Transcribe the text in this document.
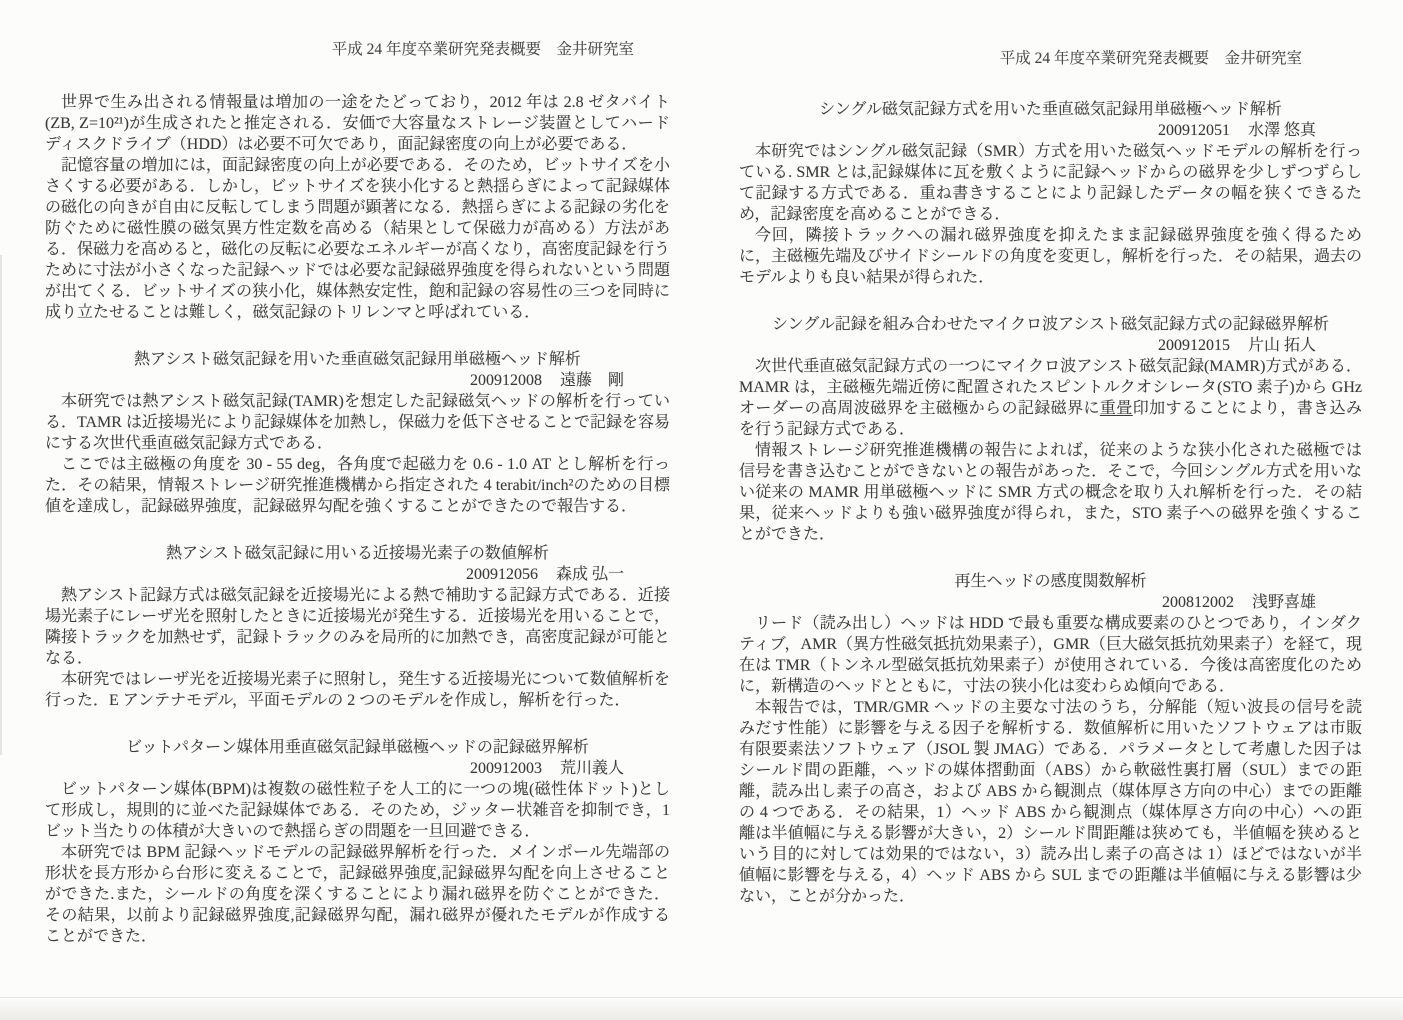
平成 24 年度卒業研究発表概要　金井研究室

世界で生み出される情報量は増加の一途をたどっており，2012 年は 2.8 ゼタバイト(ZB, Z=10²¹)が生成されたと推定される．安価で大容量なストレージ装置としてハードディスクドライブ（HDD）は必要不可欠であり，面記録密度の向上が必要である．

記憶容量の増加には，面記録密度の向上が必要である．そのため，ビットサイズを小さくする必要がある．しかし，ビットサイズを狭小化すると熱揺らぎによって記録媒体の磁化の向きが自由に反転してしまう問題が顕著になる．熱揺らぎによる記録の劣化を防ぐために磁性膜の磁気異方性定数を高める（結果として保磁力が高める）方法がある．保磁力を高めると，磁化の反転に必要なエネルギーが高くなり，高密度記録を行うために寸法が小さくなった記録ヘッドでは必要な記録磁界強度を得られないという問題が出てくる．ビットサイズの狭小化，媒体熱安定性，飽和記録の容易性の三つを同時に成り立たせることは難しく，磁気記録のトリレンマと呼ばれている．

熱アシスト磁気記録を用いた垂直磁気記録用単磁極ヘッド解析
200912008 遠藤　剛

本研究では熱アシスト磁気記録(TAMR)を想定した記録磁気ヘッドの解析を行っている．TAMR は近接場光により記録媒体を加熱し，保磁力を低下させることで記録を容易にする次世代垂直磁気記録方式である．

ここでは主磁極の角度を 30 - 55 deg，各角度で起磁力を 0.6 - 1.0 AT とし解析を行った．その結果，情報ストレージ研究推進機構から指定された 4 terabit/inch²のための目標値を達成し，記録磁界強度，記録磁界勾配を強くすることができたので報告する．

熱アシスト磁気記録に用いる近接場光素子の数値解析
200912056 森成 弘一

熱アシスト記録方式は磁気記録を近接場光による熱で補助する記録方式である．近接場光素子にレーザ光を照射したときに近接場光が発生する．近接場光を用いることで，隣接トラックを加熱せず，記録トラックのみを局所的に加熱でき，高密度記録が可能となる．

本研究ではレーザ光を近接場光素子に照射し，発生する近接場光について数値解析を行った．E アンテナモデル，平面モデルの 2 つのモデルを作成し，解析を行った．

ビットパターン媒体用垂直磁気記録単磁極ヘッドの記録磁界解析
200912003 荒川義人

ビットパターン媒体(BPM)は複数の磁性粒子を人工的に一つの塊(磁性体ドット)として形成し，規則的に並べた記録媒体である．そのため，ジッター状雑音を抑制でき，1 ビット当たりの体積が大きいので熱揺らぎの問題を一旦回避できる．

本研究では BPM 記録ヘッドモデルの記録磁界解析を行った．メインポール先端部の形状を長方形から台形に変えることで，記録磁界強度,記録磁界勾配を向上させることができた.また，シールドの角度を深くすることにより漏れ磁界を防ぐことができた．その結果，以前より記録磁界強度,記録磁界勾配，漏れ磁界が優れたモデルが作成することができた．

平成 24 年度卒業研究発表概要　金井研究室
シングル磁気記録方式を用いた垂直磁気記録用単磁極ヘッド解析
200912051 水澤 悠真

本研究ではシングル磁気記録（SMR）方式を用いた磁気ヘッドモデルの解析を行っている. SMR とは,記録媒体に瓦を敷くように記録ヘッドからの磁界を少しずつずらして記録する方式である．重ね書きすることにより記録したデータの幅を狭くできるため，記録密度を高めることができる．

今回，隣接トラックへの漏れ磁界強度を抑えたまま記録磁界強度を強く得るために，主磁極先端及びサイドシールドの角度を変更し，解析を行った．その結果，過去のモデルよりも良い結果が得られた．

シングル記録を組み合わせたマイクロ波アシスト磁気記録方式の記録磁界解析
200912015 片山 拓人

次世代垂直磁気記録方式の一つにマイクロ波アシスト磁気記録(MAMR)方式がある．MAMR は，主磁極先端近傍に配置されたスピントルクオシレータ(STO 素子)から GHz オーダーの高周波磁界を主磁極からの記録磁界に重畳印加することにより，書き込みを行う記録方式である．

情報ストレージ研究推進機構の報告によれば，従来のような狭小化された磁極では信号を書き込むことができないとの報告があった．そこで，今回シングル方式を用いない従来の MAMR 用単磁極ヘッドに SMR 方式の概念を取り入れ解析を行った．その結果，従来ヘッドよりも強い磁界強度が得られ，また，STO 素子への磁界を強くすることができた．

再生ヘッドの感度関数解析
200812002 浅野喜雄

リード（読み出し）ヘッドは HDD で最も重要な構成要素のひとつであり，インダクティブ，AMR（異方性磁気抵抗効果素子），GMR（巨大磁気抵抗効果素子）を経て，現在は TMR（トンネル型磁気抵抗効果素子）が使用されている．今後は高密度化のために，新構造のヘッドとともに，寸法の狭小化は変わらぬ傾向である．

本報告では，TMR/GMR ヘッドの主要な寸法のうち，分解能（短い波長の信号を読みだす性能）に影響を与える因子を解析する．数値解析に用いたソフトウェアは市販有限要素法ソフトウェア（JSOL 製 JMAG）である．パラメータとして考慮した因子はシールド間の距離，ヘッドの媒体摺動面（ABS）から軟磁性裏打層（SUL）までの距離，読み出し素子の高さ，および ABS から観測点（媒体厚さ方向の中心）までの距離の 4 つである．その結果，1）ヘッド ABS から観測点（媒体厚さ方向の中心）への距離は半値幅に与える影響が大きい，2）シールド間距離は狭めても，半値幅を狭めるという目的に対しては効果的ではない，3）読み出し素子の高さは 1）ほどではないが半値幅に影響を与える，4）ヘッド ABS から SUL までの距離は半値幅に与える影響は少ない，ことが分かった．
